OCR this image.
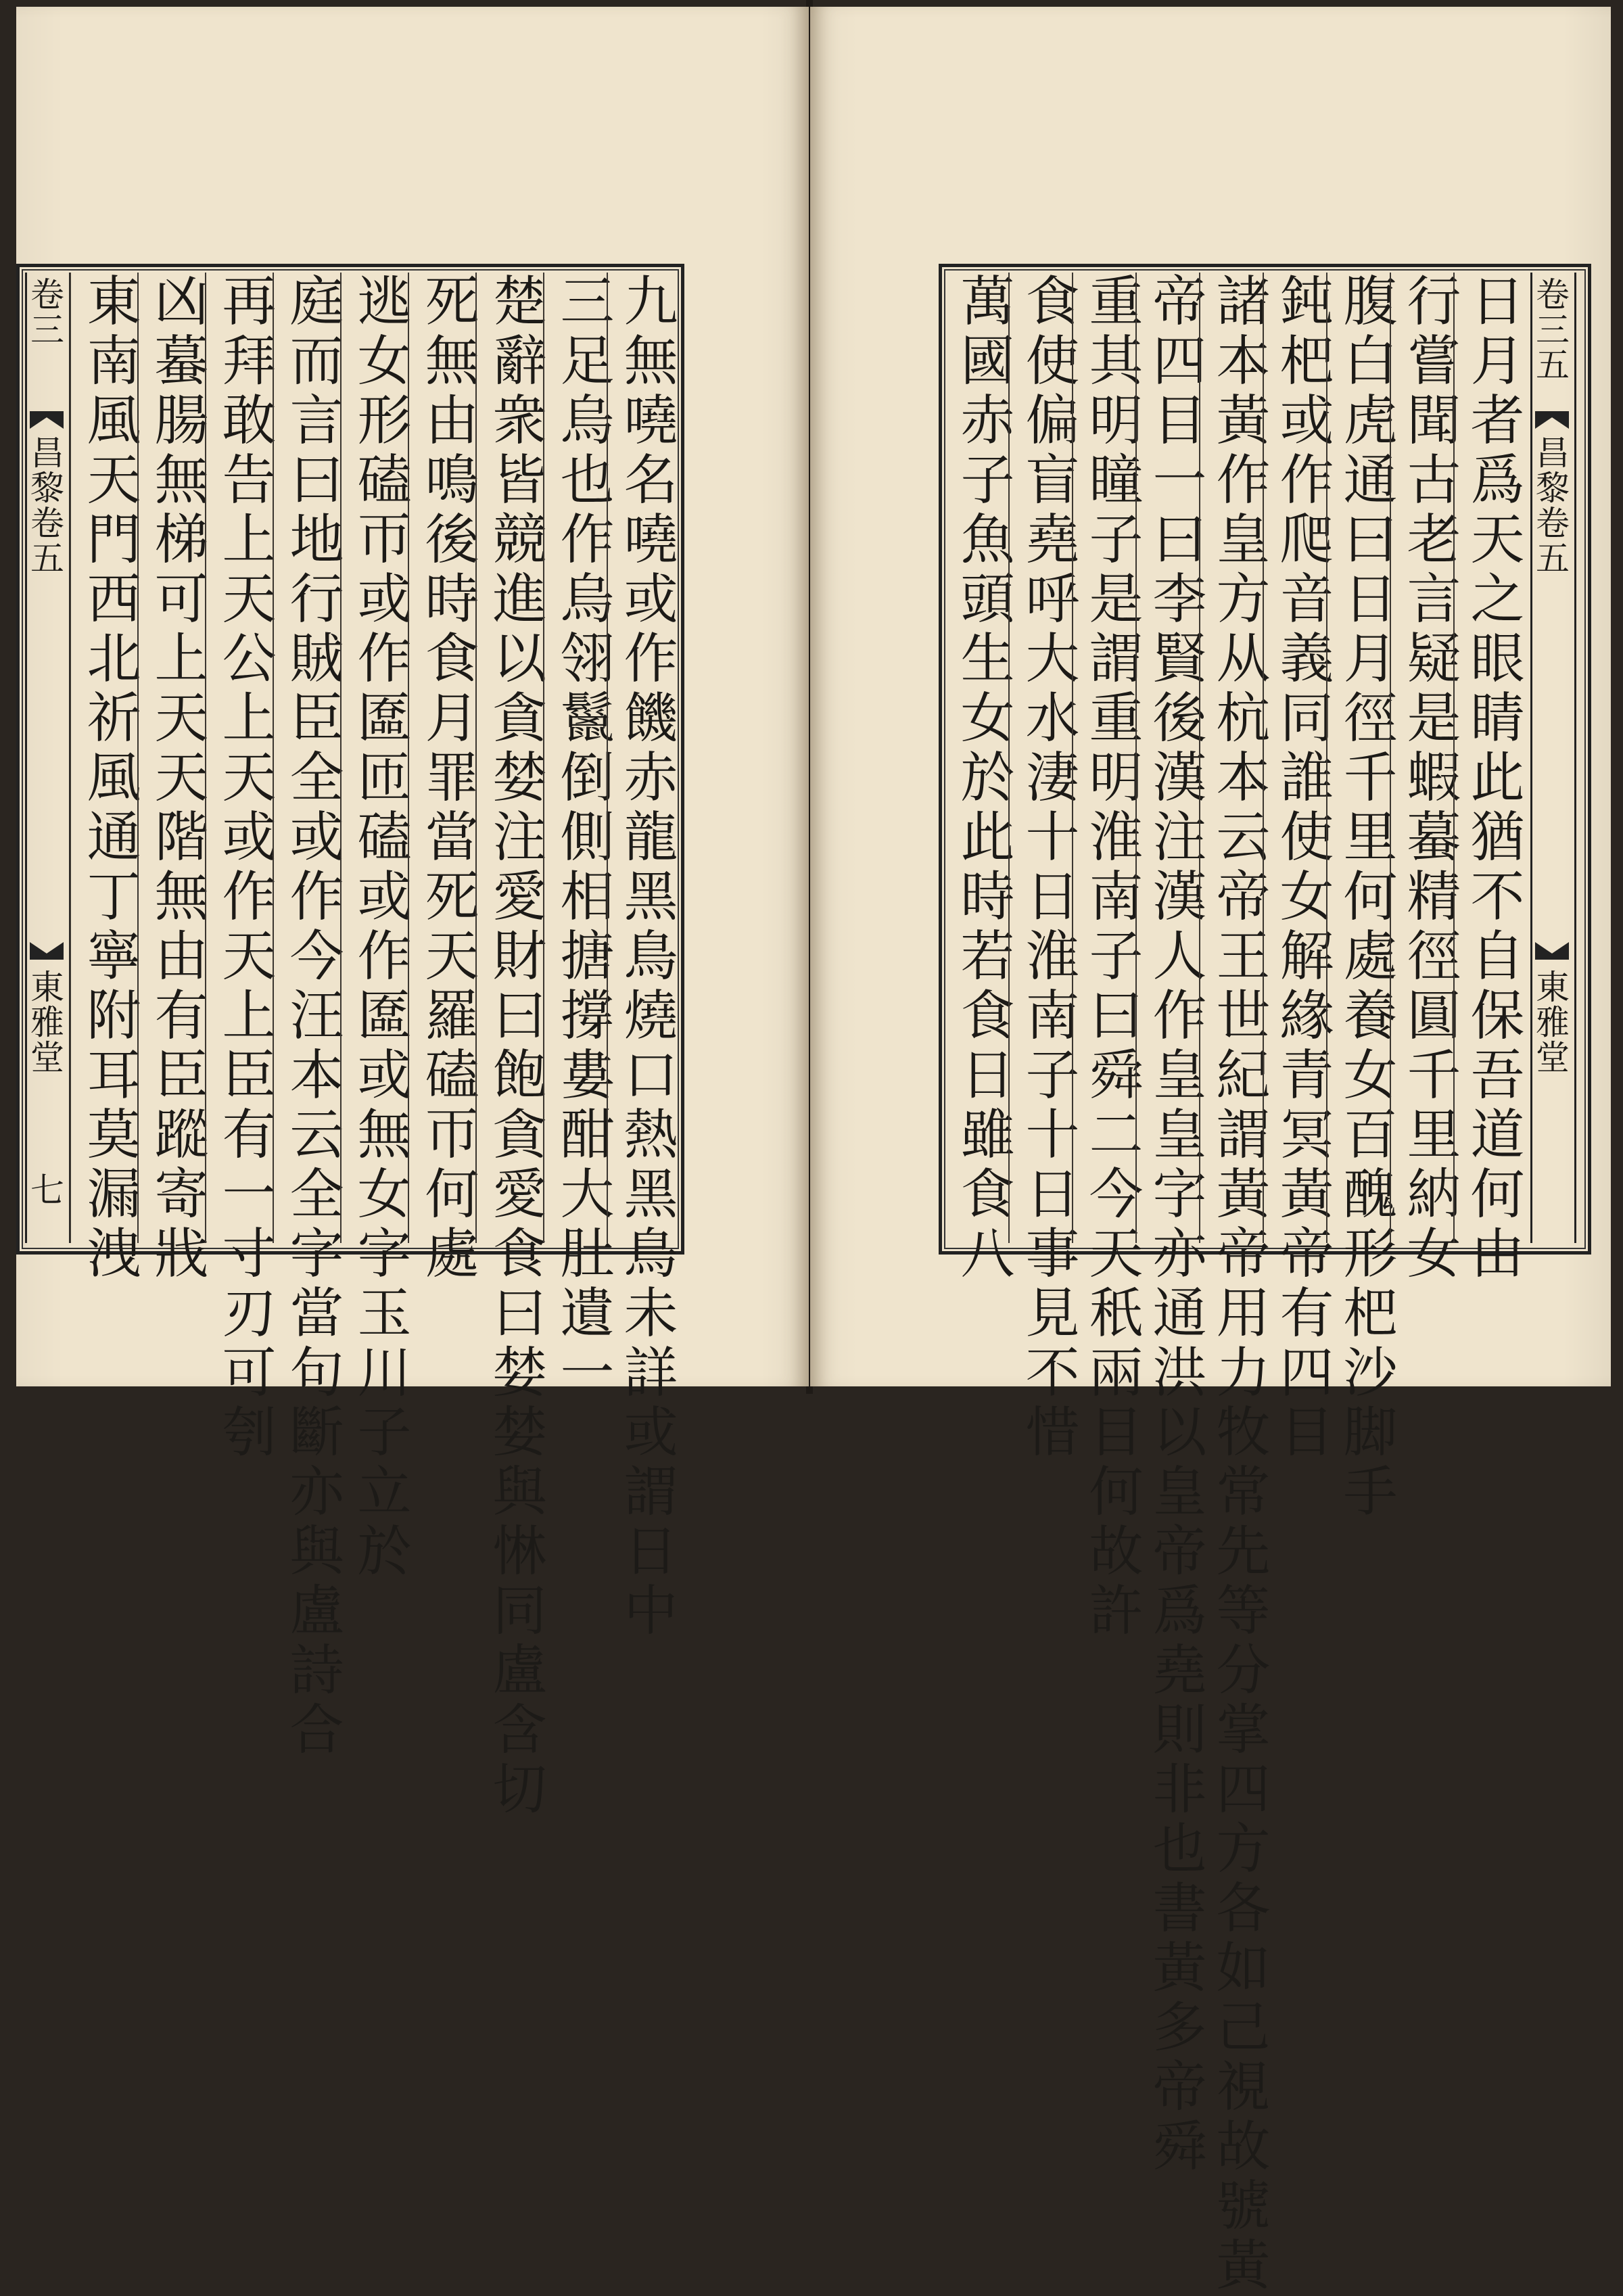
卷三
昌黎卷五
東雅堂
七 東南風天門西北祈風通丁寧附耳莫漏洩 凶蟇腸無梯可上天天階無由有臣蹤寄戕 再拜敢告上天公上天或作天上臣有一寸刃可刳 庭而言曰地行賊臣全或作今汪本云全字當句斷亦與盧詩合 逃女形磕帀或作匲匝磕或作匲或無女字玉川子立於 死無由鳴後時食月罪當死天羅磕帀何處 楚辭衆皆競進以貪婪注愛財曰飽貪愛食曰婪婪與惏同盧含切 三足烏也作烏翎鬣倒側相搪撐婁酣大肚遺一 九無嘵名嘵或作饑赤龍黑鳥燒口熱黑鳥未詳或謂日中	萬國赤子魚頭生女於此時若食日雖食八 食使偏盲堯呼大水淒十日淮南子十日事見不惜 重其明瞳子是謂重明淮南子曰舜二今天秖兩目何故許 帝四目一曰李賢後漢注漢人作皇皇字亦通洪以皇帝爲堯則非也書黃多帝舜 諸本黃作皇方从杭本云帝王世紀謂黃帝用力牧常先等分掌四方各如己視故號黃 鈍杷或作爬音義同誰使女解緣青冥黃帝有四目 腹白虎通曰日月徑千里何處養女百醜形杷沙脚手 行嘗聞古老言疑是蝦蟇精徑圓千里納女 日月者爲天之眼睛此猶不自保吾道何由 卷三五
昌黎卷五
東雅堂
